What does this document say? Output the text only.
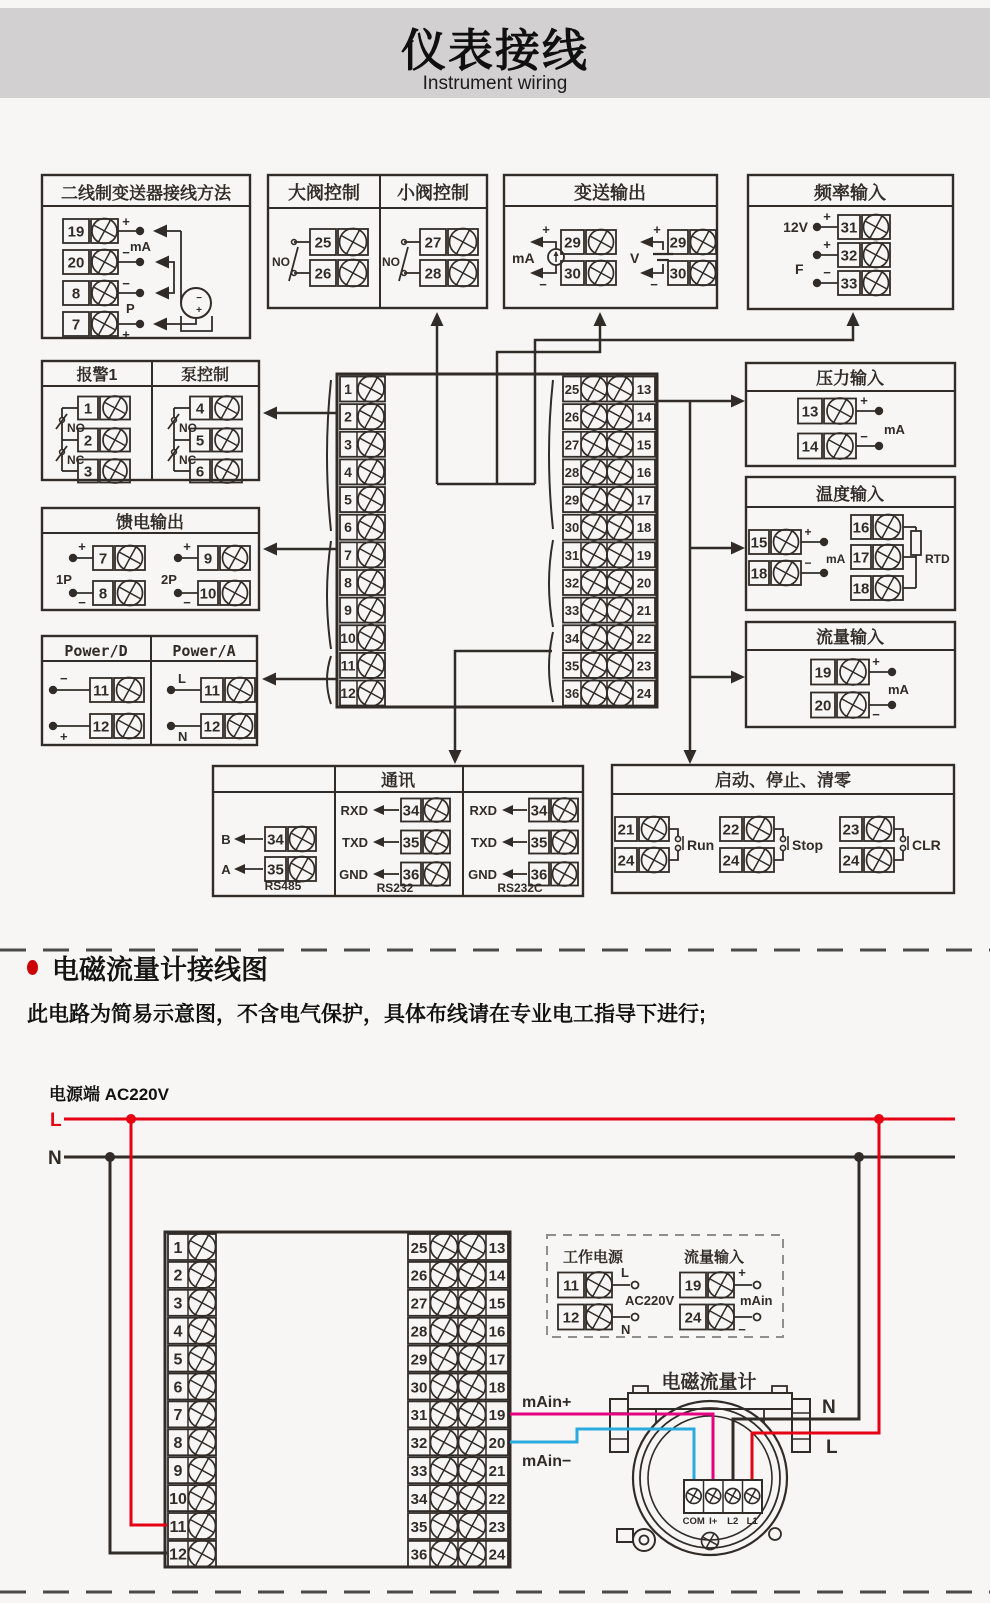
仪表接线
Instrument wiring
二线制变送器接线方法
19
+
20
−
8
−
7
+
mA
P
−
+
大阀控制 小阀控制
25
26
NO
27
28
NO
变送输出
mA
+
−
29
30
V
+
−
29
30
频率输入
+
31
+
32
−
33
12V
F
报警1	泵控制
1
2
3
NO
NC
4
5
6
NO
NC
馈电输出
1P
+
7
−
8
2P
+
9
−
10
Power/D	Power/A
−
11
+
12
L
11
N
12
1	25	13
2	26	14
3	27	15
4	28	16
5	29	17
6	30	18
7	31	19
8	32	20
9	33	21
10	34	22
11	35	23
12	36	24
压力输入
13
+
14
− mA
温度输入
15
+
18
− mA
16
17
18
RTD
流量输入
19
+
20
−
mA
通讯
B 34
A 35
RS485
RXD 34
TXD 35
GND 36
RS232
RXD 34
TXD 35
GND 36
RS232C
启动、停止、清零
21
24
Run
22
24
Stop
23
24
CLR
L
N
1	25	13
2	26	14
3	27	15
4	28	16
5	29	17
6	30	18
7	31	19
8	32	20
9	33	21
10	34	22
11	35	23
12	36	24
工作电源	流量输入
11
L
12
N
AC220V
19
+
24
−
mAin
电磁流量计
mAin+
mAin−
N
L
COM I+ L2 L1
电磁流量计接线图
此电路为简易示意图，不含电气保护，具体布线请在专业电工指导下进行;
电源端 AC220V
